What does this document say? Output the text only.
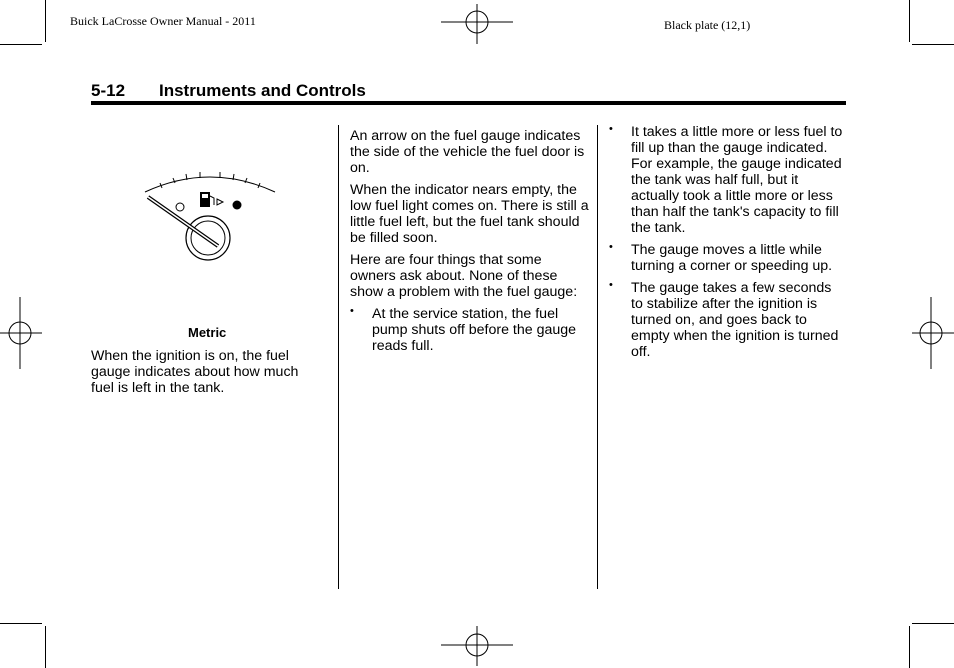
Buick LaCrosse Owner Manual - 2011	Black plate (12,1)
5-12 Instruments and Controls
Metric

When the ignition is on, the fuel gauge indicates about how much fuel is left in the tank.

An arrow on the fuel gauge indicates the side of the vehicle the fuel door is on.

When the indicator nears empty, the low fuel light comes on. There is still a little fuel left, but the fuel tank should be filled soon.

Here are four things that some owners ask about. None of these show a problem with the fuel gauge:

• At the service station, the fuel pump shuts off before the gauge reads full.
• It takes a little more or less fuel to fill up than the gauge indicated. For example, the gauge indicated the tank was half full, but it actually took a little more or less than half the tank's capacity to fill the tank.
• The gauge moves a little while turning a corner or speeding up.
• The gauge takes a few seconds to stabilize after the ignition is turned on, and goes back to empty when the ignition is turned off.
